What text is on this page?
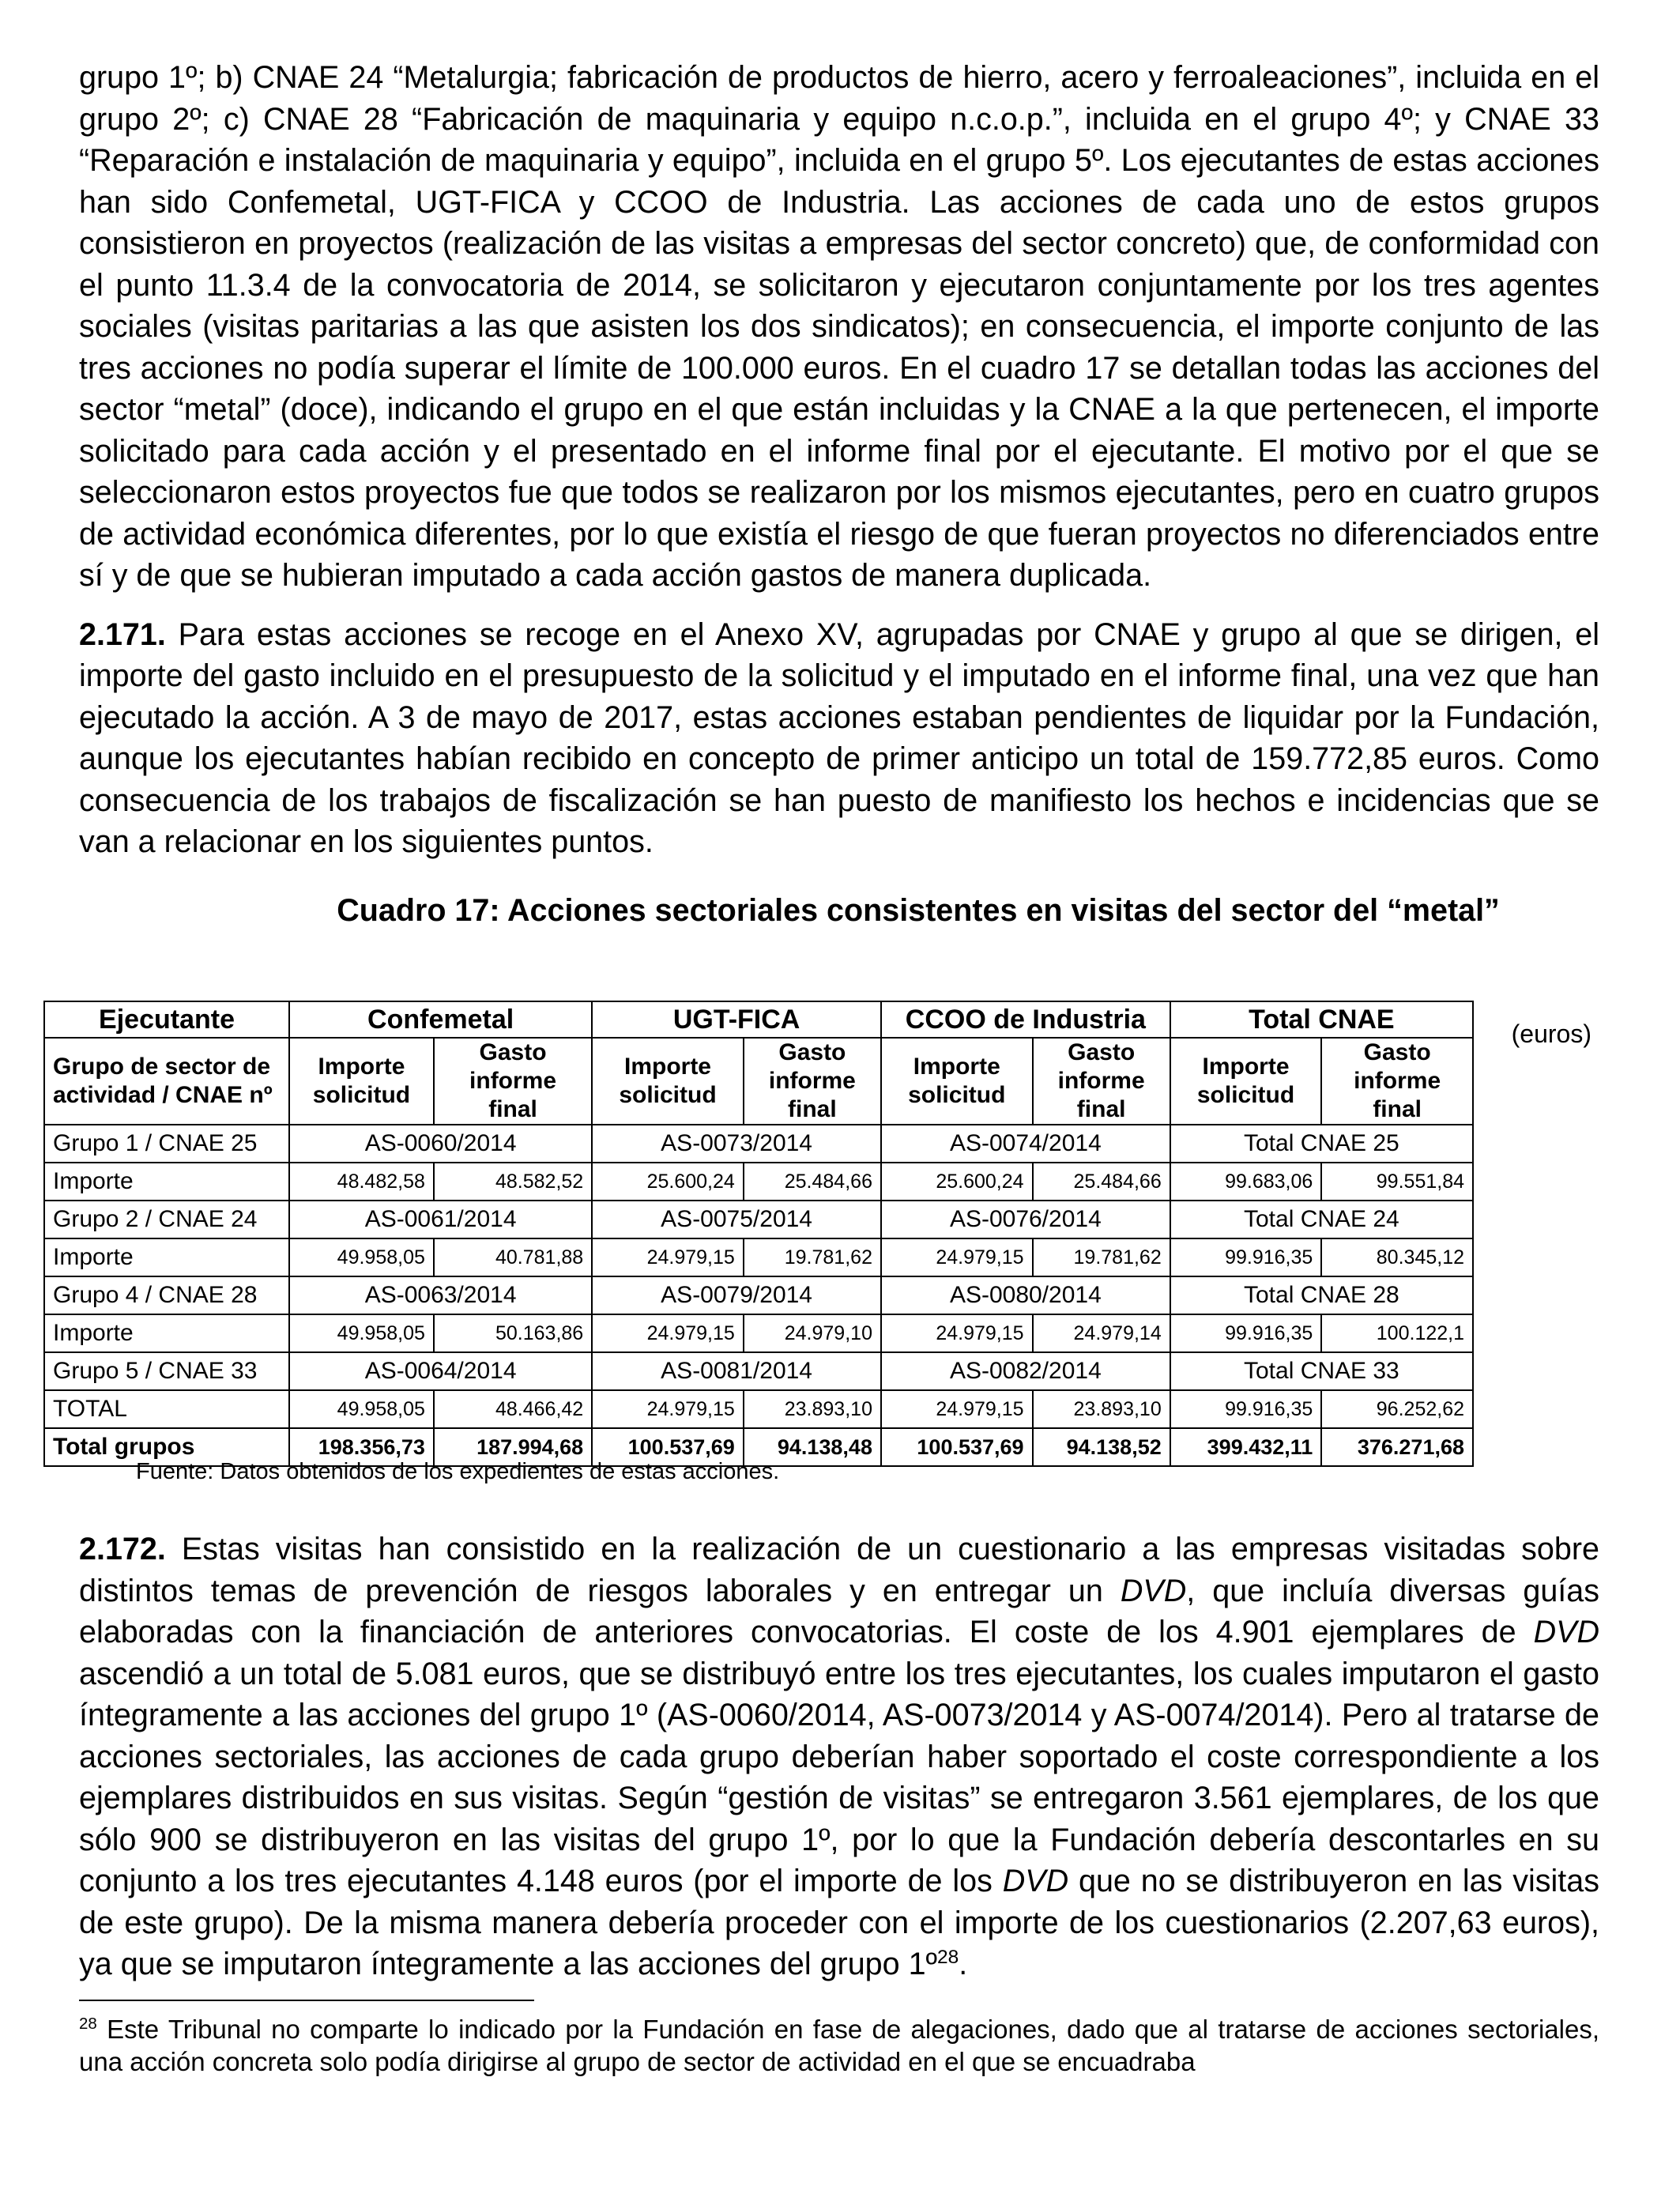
grupo 1º; b) CNAE 24 “Metalurgia; fabricación de productos de hierro, acero y ferroaleaciones”, incluida en el grupo 2º; c) CNAE 28 “Fabricación de maquinaria y equipo n.c.o.p.”, incluida en el grupo 4º; y CNAE 33 “Reparación e instalación de maquinaria y equipo”, incluida en el grupo 5º. Los ejecutantes de estas acciones han sido Confemetal, UGT-FICA y CCOO de Industria. Las acciones de cada uno de estos grupos consistieron en proyectos (realización de las visitas a empresas del sector concreto) que, de conformidad con el punto 11.3.4 de la convocatoria de 2014, se solicitaron y ejecutaron conjuntamente por los tres agentes sociales (visitas paritarias a las que asisten los dos sindicatos); en consecuencia, el importe conjunto de las tres acciones no podía superar el límite de 100.000 euros. En el cuadro 17 se detallan todas las acciones del sector “metal” (doce), indicando el grupo en el que están incluidas y la CNAE a la que pertenecen, el importe solicitado para cada acción y el presentado en el informe final por el ejecutante. El motivo por el que se seleccionaron estos proyectos fue que todos se realizaron por los mismos ejecutantes, pero en cuatro grupos de actividad económica diferentes, por lo que existía el riesgo de que fueran proyectos no diferenciados entre sí y de que se hubieran imputado a cada acción gastos de manera duplicada.

2.171. Para estas acciones se recoge en el Anexo XV, agrupadas por CNAE y grupo al que se dirigen, el importe del gasto incluido en el presupuesto de la solicitud y el imputado en el informe final, una vez que han ejecutado la acción. A 3 de mayo de 2017, estas acciones estaban pendientes de liquidar por la Fundación, aunque los ejecutantes habían recibido en concepto de primer anticipo un total de 159.772,85 euros. Como consecuencia de los trabajos de fiscalización se han puesto de manifiesto los hechos e incidencias que se van a relacionar en los siguientes puntos.

Cuadro 17: Acciones sectoriales consistentes en visitas del sector del “metal”
(euros)
Ejecutante	Confemetal		UGT-FICA		CCOO de Industria		Total CNAE	
Grupo de sector de actividad / CNAE nº	Importe solicitud	Gasto informe final	Importe solicitud	Gasto informe final	Importe solicitud	Gasto informe final	Importe solicitud	Gasto informe final
Grupo 1 / CNAE 25	AS-0060/2014		AS-0073/2014		AS-0074/2014		Total CNAE 25	
Importe	48.482,58	48.582,52	25.600,24	25.484,66	25.600,24	25.484,66	99.683,06	99.551,84
Grupo 2 / CNAE 24	AS-0061/2014		AS-0075/2014		AS-0076/2014		Total CNAE 24	
Importe	49.958,05	40.781,88	24.979,15	19.781,62	24.979,15	19.781,62	99.916,35	80.345,12
Grupo 4 / CNAE 28	AS-0063/2014		AS-0079/2014		AS-0080/2014		Total CNAE 28	
Importe	49.958,05	50.163,86	24.979,15	24.979,10	24.979,15	24.979,14	99.916,35	100.122,1
Grupo 5 / CNAE 33	AS-0064/2014		AS-0081/2014		AS-0082/2014		Total CNAE 33	
TOTAL	49.958,05	48.466,42	24.979,15	23.893,10	24.979,15	23.893,10	99.916,35	96.252,62
Total grupos	198.356,73	187.994,68	100.537,69	94.138,48	100.537,69	94.138,52	399.432,11	376.271,68
Fuente: Datos obtenidos de los expedientes de estas acciones.

2.172. Estas visitas han consistido en la realización de un cuestionario a las empresas visitadas sobre distintos temas de prevención de riesgos laborales y en entregar un DVD, que incluía diversas guías elaboradas con la financiación de anteriores convocatorias. El coste de los 4.901 ejemplares de DVD ascendió a un total de 5.081 euros, que se distribuyó entre los tres ejecutantes, los cuales imputaron el gasto íntegramente a las acciones del grupo 1º (AS-0060/2014, AS-0073/2014 y AS-0074/2014). Pero al tratarse de acciones sectoriales, las acciones de cada grupo deberían haber soportado el coste correspondiente a los ejemplares distribuidos en sus visitas. Según “gestión de visitas” se entregaron 3.561 ejemplares, de los que sólo 900 se distribuyeron en las visitas del grupo 1º, por lo que la Fundación debería descontarles en su conjunto a los tres ejecutantes 4.148 euros (por el importe de los DVD que no se distribuyeron en las visitas de este grupo). De la misma manera debería proceder con el importe de los cuestionarios (2.207,63 euros), ya que se imputaron íntegramente a las acciones del grupo 1º$^{28}$.

$^{28}$ Este Tribunal no comparte lo indicado por la Fundación en fase de alegaciones, dado que al tratarse de acciones sectoriales, una acción concreta solo podía dirigirse al grupo de sector de actividad en el que se encuadraba
